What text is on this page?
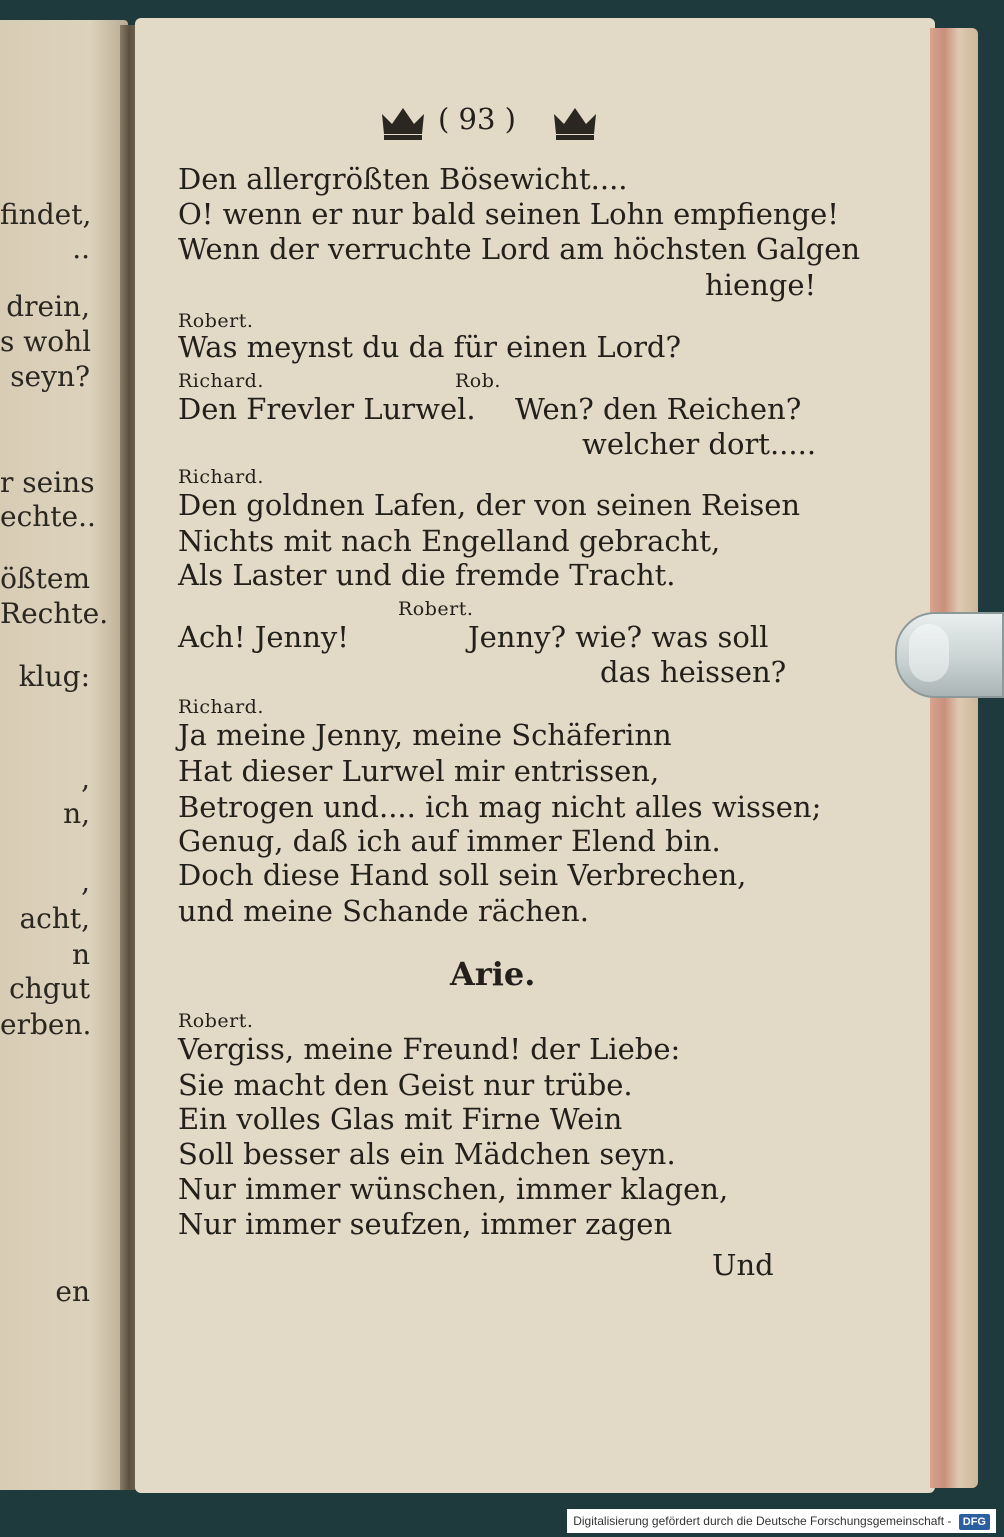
findet,
..
drein,
s wohl
seyn?
r seins
echte..
ößtem
Rechte.
klug:
,
n,
,
acht,
n
chgut
erben.
en
( 93 )
Den allergrößten Bösewicht....
O! wenn er nur bald seinen Lohn empfienge!
Wenn der verruchte Lord am höchsten Galgen
hienge!
Robert.
Was meynst du da für einen Lord?
Richard.	Rob.
Den Frevler Lurwel. Wen? den Reichen?
welcher dort.....
Richard.
Den goldnen Lafen, der von seinen Reisen
Nichts mit nach Engelland gebracht,
Als Laster und die fremde Tracht.
Robert.
Ach! Jenny!	Jenny? wie? was soll
das heissen?
Richard.
Ja meine Jenny, meine Schäferinn
Hat dieser Lurwel mir entrissen,
Betrogen und.... ich mag nicht alles wissen;
Genug, daß ich auf immer Elend bin.
Doch diese Hand soll sein Verbrechen,
und meine Schande rächen.
Arie.
Robert.
Vergiss, meine Freund! der Liebe:
Sie macht den Geist nur trübe.
Ein volles Glas mit Firne Wein
Soll besser als ein Mädchen seyn.
Nur immer wünschen, immer klagen,
Nur immer seufzen, immer zagen
Und
Digitalisierung gefördert durch die Deutsche Forschungsgemeinschaft - DFG
